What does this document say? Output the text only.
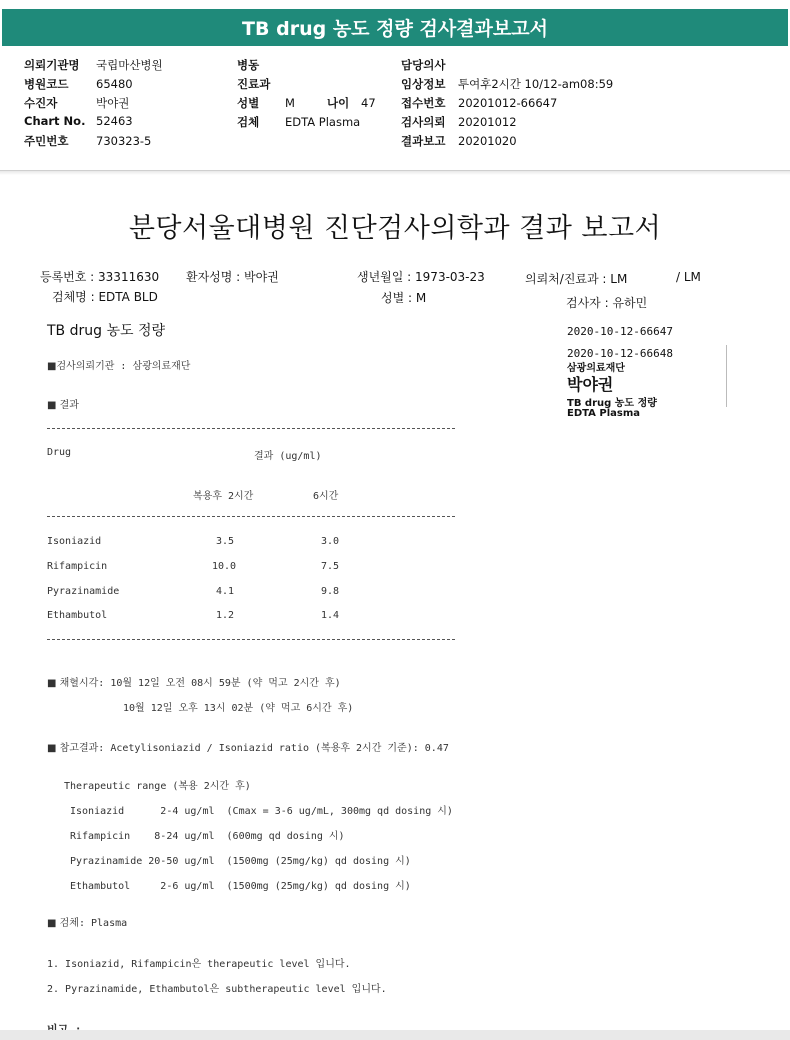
TB drug 농도 정량 검사결과보고서
의뢰기관명 국립마산병원
병원코드 65480
수진자	박야권
Chart No. 52463
주민번호 730323-5
병동
진료과
성별 M	나이 47
검체 EDTA Plasma
담당의사
임상정보 투여후2시간 10/12-am08:59
접수번호 20201012-66647
검사의뢰 20201012
결과보고 20201020
분당서울대병원 진단검사의학과 결과 보고서
등록번호 : 33311630 환자성명 : 박야권	생년월일 : 1973-03-23	의뢰처/진료과 : LM	/ LM
검체명 : EDTA BLD	성별 : M	검사자 : 유하민
TB drug 농도 정량
■검사의뢰기관 : 삼광의료재단
■ 결과
Drug	결과 (ug/ml)
복용후 2시간	6시간
Isoniazid	3.5	3.0
Rifampicin	10.0	7.5
Pyrazinamide	4.1	9.8
Ethambutol	1.2	1.4
■ 채혈시각: 10월 12일 오전 08시 59분 (약 먹고 2시간 후)
10월 12일 오후 13시 02분 (약 먹고 6시간 후)
■ 참고결과: Acetylisoniazid / Isoniazid ratio (복용후 2시간 기준): 0.47
Therapeutic range (복용 2시간 후)
Isoniazid      2-4 ug/ml  (Cmax = 3-6 ug/mL, 300mg qd dosing 시)
Rifampicin    8-24 ug/ml  (600mg qd dosing 시)
Pyrazinamide 20-50 ug/ml  (1500mg (25mg/kg) qd dosing 시)
Ethambutol     2-6 ug/ml  (1500mg (25mg/kg) qd dosing 시)
■ 검체: Plasma
1. Isoniazid, Rifampicin은 therapeutic level 입니다.
2. Pyrazinamide, Ethambutol은 subtherapeutic level 입니다.
2020-10-12-66647
2020-10-12-66648
삼광의료재단
박야권
TB drug 농도 정량
EDTA Plasma
